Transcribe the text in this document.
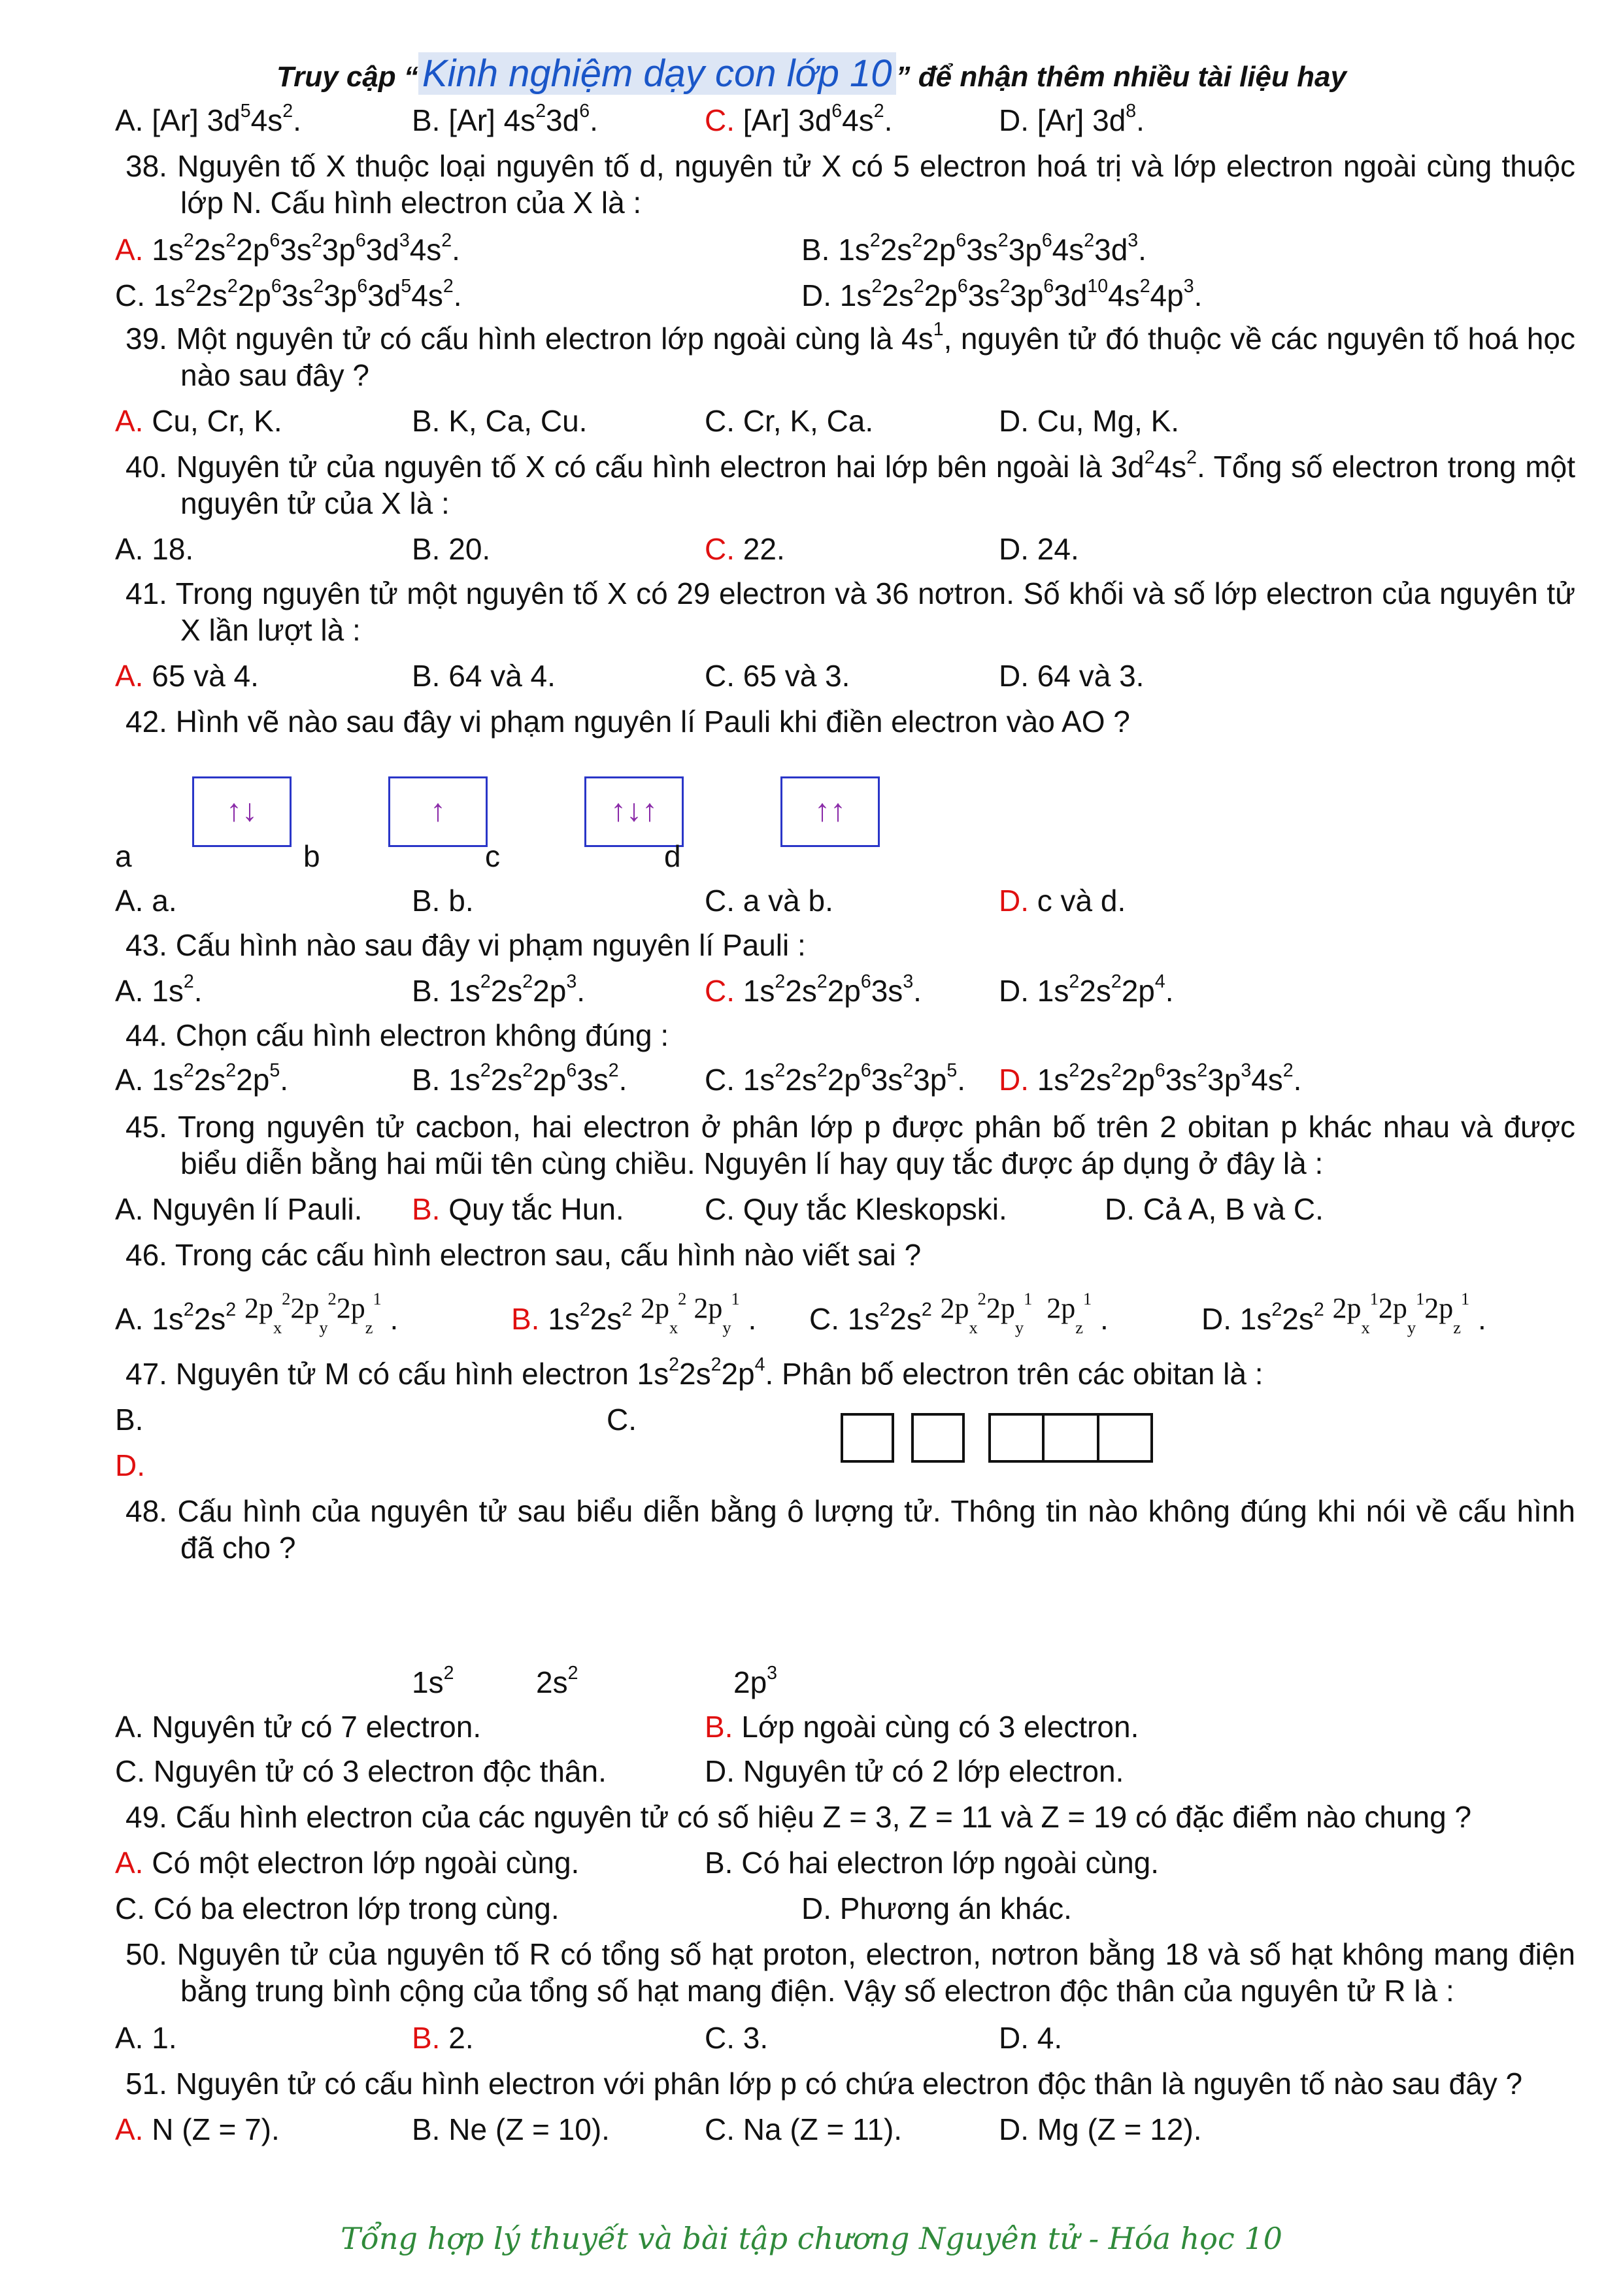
Truy cập “ Kinh nghiệm dạy con lớp 10 ” để nhận thêm nhiều tài liệu hay
A. [Ar] $3d^54s^2$.	B. [Ar] $4s^23d^6$.	C. [Ar] $3d^64s^2$.	D. [Ar] $3d^8$.
38. Nguyên tố X thuộc loại nguyên tố d, nguyên tử X có 5 electron hoá trị và lớp electron ngoài cùng thuộc lớp N. Cấu hình electron của X là :
A. $1s^22s^22p^63s^23p^63d^34s^2$.	B. $1s^22s^22p^63s^23p^64s^23d^3$.
C. $1s^22s^22p^63s^23p^63d^54s^2$.	D. $1s^22s^22p^63s^23p^63d^{10}4s^24p^3$.
39. Một nguyên tử có cấu hình electron lớp ngoài cùng là $4s^1$, nguyên tử đó thuộc về các nguyên tố hoá học nào sau đây ?
A. Cu, Cr, K.	B. K, Ca, Cu.	C. Cr, K, Ca.	D. Cu, Mg, K.
40. Nguyên tử của nguyên tố X có cấu hình electron hai lớp bên ngoài là $3d^24s^2$. Tổng số electron trong một nguyên tử của X là :
A. 18.	B. 20.	C. 22.	D. 24.
41. Trong nguyên tử một nguyên tố X có 29 electron và 36 nơtron. Số khối và số lớp electron của nguyên tử X lần lượt là :
A. 65 và 4.	B. 64 và 4.	C. 65 và 3.	D. 64 và 3.
42. Hình vẽ nào sau đây vi phạm nguyên lí Pauli khi điền electron vào AO ?
↑↓	↑	↑↓↑	↑↑
a	b	c	d
A. a.	B. b.	C. a và b.	D. c và d.
43. Cấu hình nào sau đây vi phạm nguyên lí Pauli :
A. $1s^2$.	B. $1s^22s^22p^3$.	C. $1s^22s^22p^63s^3$.	D. $1s^22s^22p^4$.
44. Chọn cấu hình electron không đúng :
A. $1s^22s^22p^5$.	B. $1s^22s^22p^63s^2$.	C. $1s^22s^22p^63s^23p^5$. D. $1s^22s^22p^63s^23p^34s^2$.
45. Trong nguyên tử cacbon, hai electron ở phân lớp p được phân bố trên 2 obitan p khác nhau và được biểu diễn bằng hai mũi tên cùng chiều. Nguyên lí hay quy tắc được áp dụng ở đây là :
A. Nguyên lí Pauli. B. Quy tắc Hun.	C. Quy tắc Kleskopski.	D. Cả A, B và C.
46. Trong các cấu hình electron sau, cấu hình nào viết sai ?
A. $1s^22s^2$ $2p_x^22p_y^22p_z^1$ .	B. $1s^22s^2$ $2p_x^2$ $2p_y^1$ . C. $1s^22s^2$ $2p_x^22p_y^1$  $2p_z^1$ .	D. $1s^22s^2$ $2p_x^12p_y^12p_z^1$ .
47. Nguyên tử M có cấu hình electron $1s^22s^22p^4$. Phân bố electron trên các obitan là :
B.	C.
D.
48. Cấu hình của nguyên tử sau biểu diễn bằng ô lượng tử. Thông tin nào không đúng khi nói về cấu hình đã cho ?
$1s^2$	$2s^2$	$2p^3$
A. Nguyên tử có 7 electron.	B. Lớp ngoài cùng có 3 electron.
C. Nguyên tử có 3 electron độc thân.	D. Nguyên tử có 2 lớp electron.
49. Cấu hình electron của các nguyên tử có số hiệu Z = 3, Z = 11 và Z = 19 có đặc điểm nào chung ?
A. Có một electron lớp ngoài cùng.	B. Có hai electron lớp ngoài cùng.
C. Có ba electron lớp trong cùng.	D. Phương án khác.
50. Nguyên tử của nguyên tố R có tổng số hạt proton, electron, nơtron bằng 18 và số hạt không mang điện bằng trung bình cộng của tổng số hạt mang điện. Vậy số electron độc thân của nguyên tử R là :
A. 1.	B. 2.	C. 3.	D. 4.
51. Nguyên tử có cấu hình electron với phân lớp p có chứa electron độc thân là nguyên tố nào sau đây ?
A. N (Z = 7).	B. Ne (Z = 10).	C. Na (Z = 11).	D. Mg (Z = 12).
Tổng hợp lý thuyết và bài tập chương Nguyên tử - Hóa học 10
